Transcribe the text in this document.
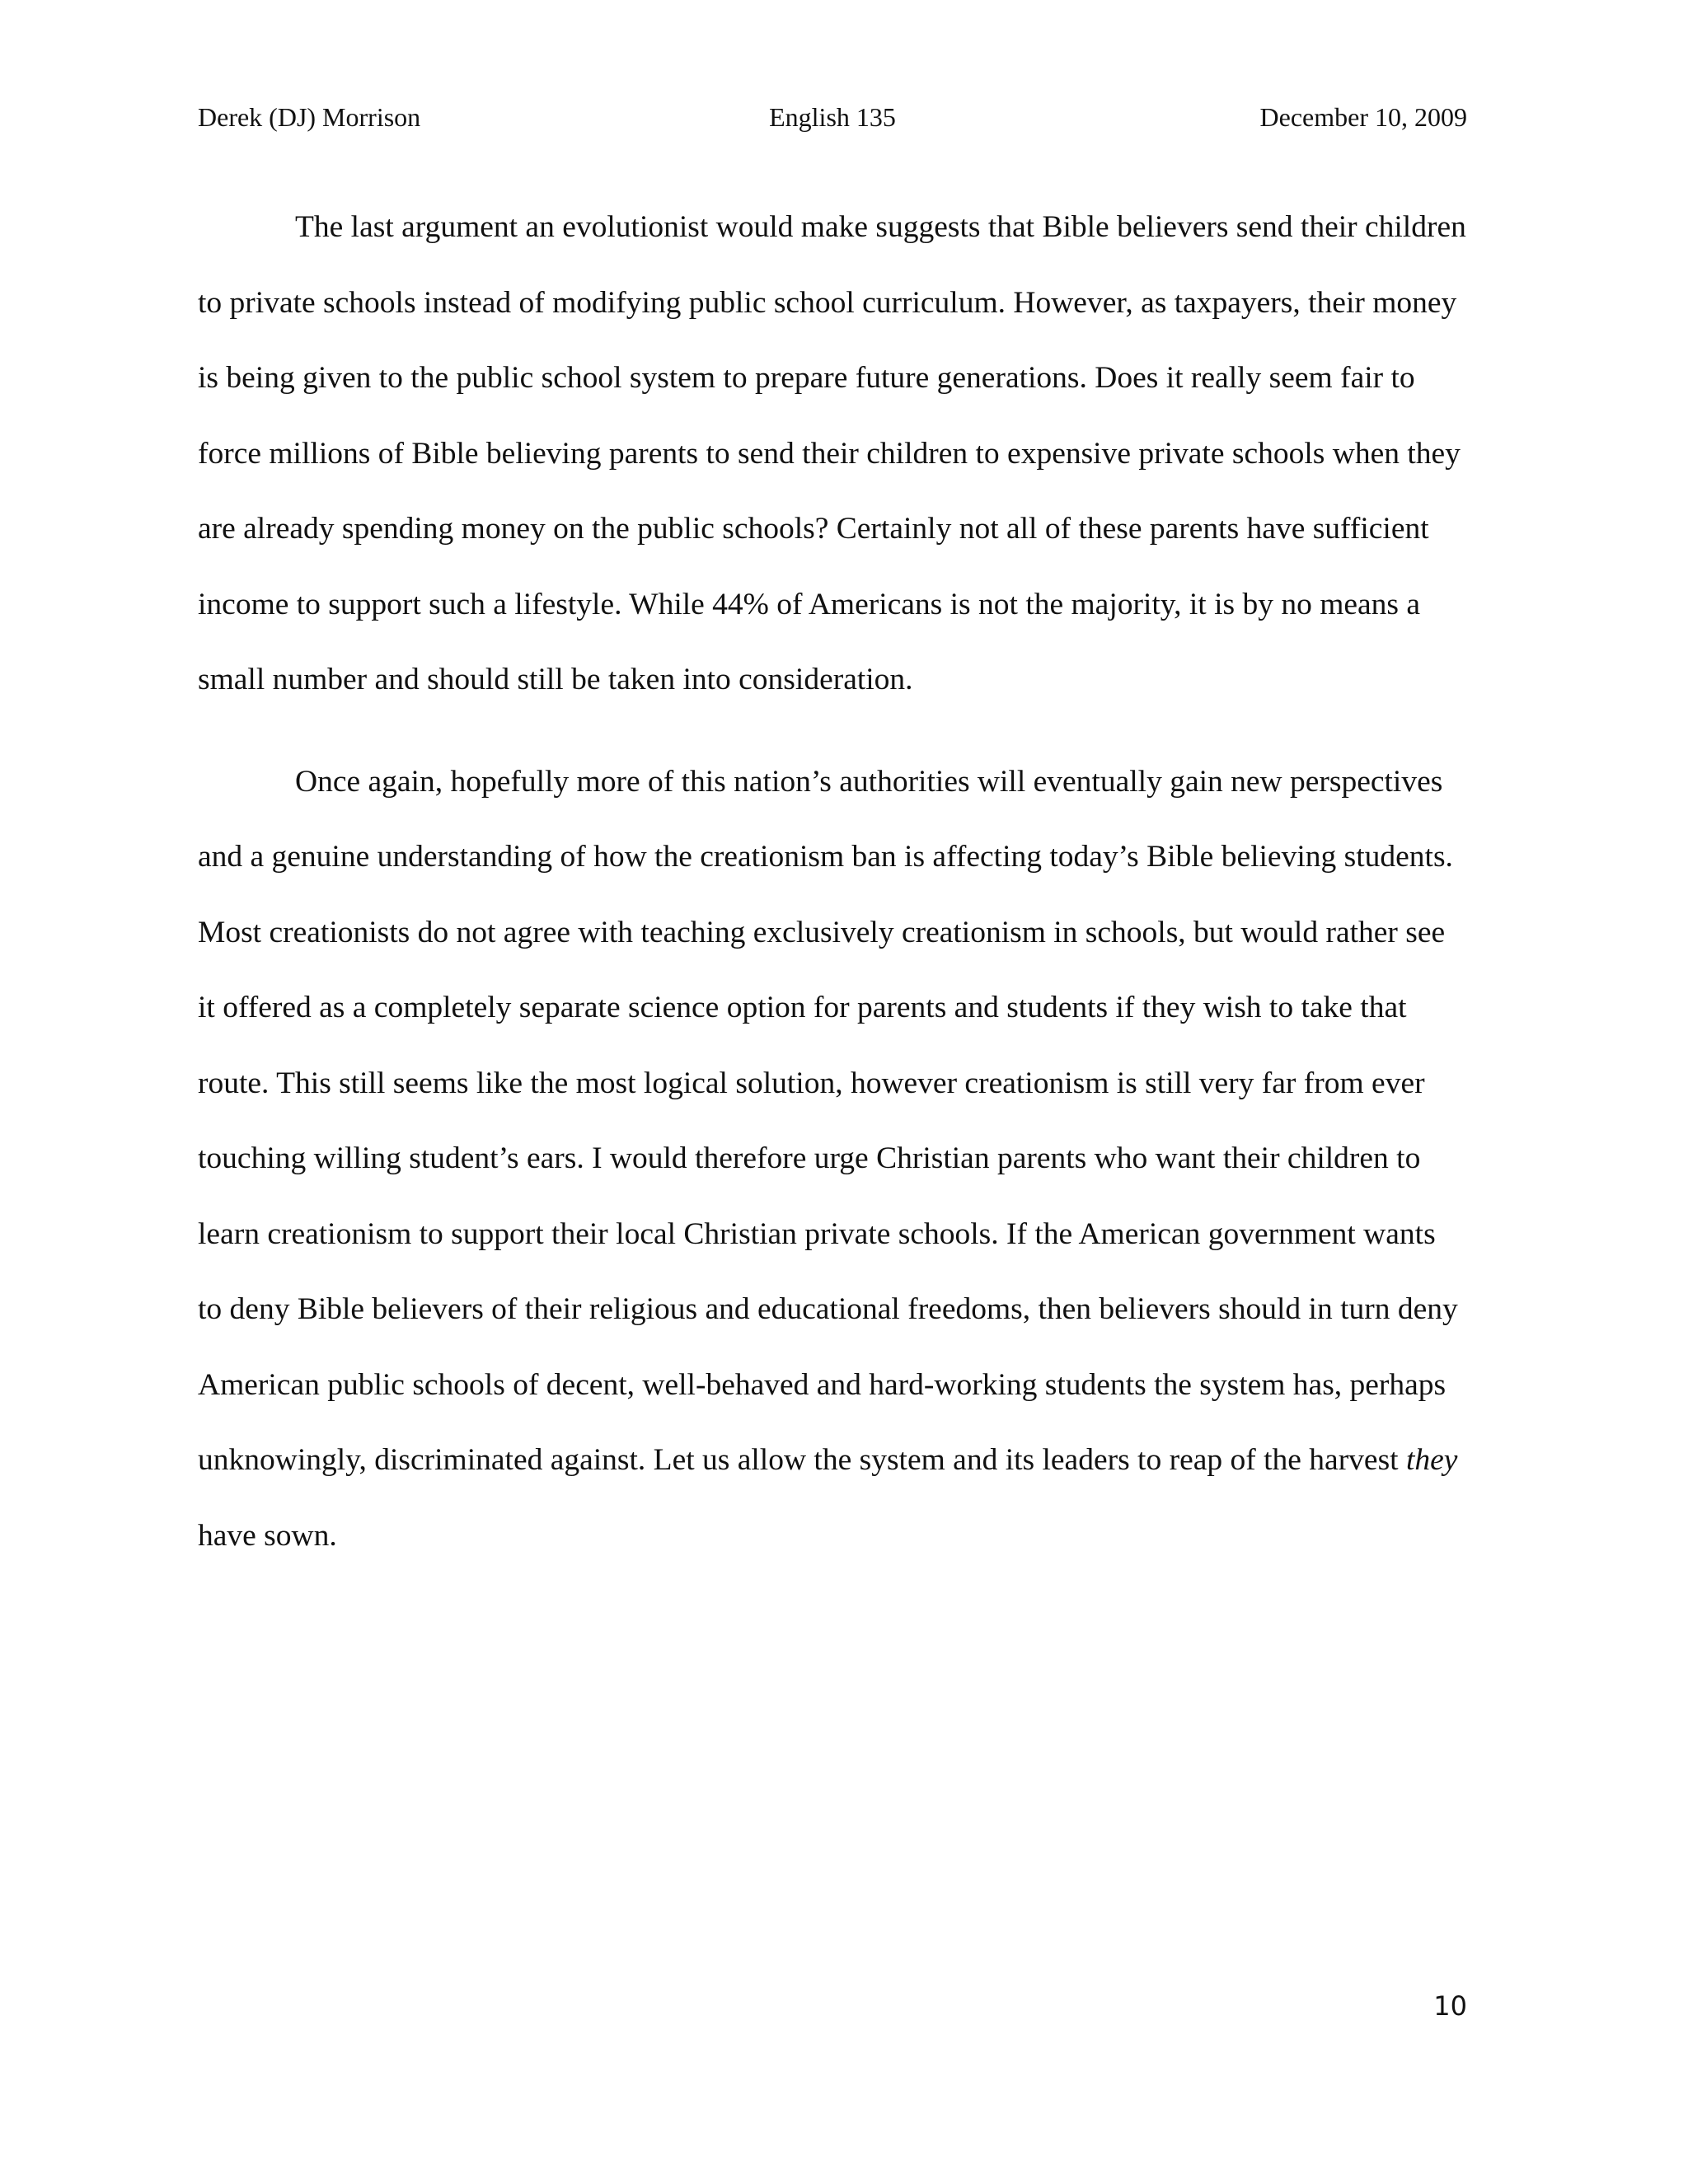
Derek (DJ) Morrison	English 135	December 10, 2009

The last argument an evolutionist would make suggests that Bible believers send their children to private schools instead of modifying public school curriculum. However, as taxpayers, their money is being given to the public school system to prepare future generations. Does it really seem fair to force millions of Bible believing parents to send their children to expensive private schools when they are already spending money on the public schools? Certainly not all of these parents have sufficient income to support such a lifestyle. While 44% of Americans is not the majority, it is by no means a small number and should still be taken into consideration.

Once again, hopefully more of this nation’s authorities will eventually gain new perspectives and a genuine understanding of how the creationism ban is affecting today’s Bible believing students. Most creationists do not agree with teaching exclusively creationism in schools, but would rather see it offered as a completely separate science option for parents and students if they wish to take that route. This still seems like the most logical solution, however creationism is still very far from ever touching willing student’s ears. I would therefore urge Christian parents who want their children to learn creationism to support their local Christian private schools. If the American government wants to deny Bible believers of their religious and educational freedoms, then believers should in turn deny American public schools of decent, well-behaved and hard-working students the system has, perhaps unknowingly, discriminated against. Let us allow the system and its leaders to reap of the harvest they have sown.

10
